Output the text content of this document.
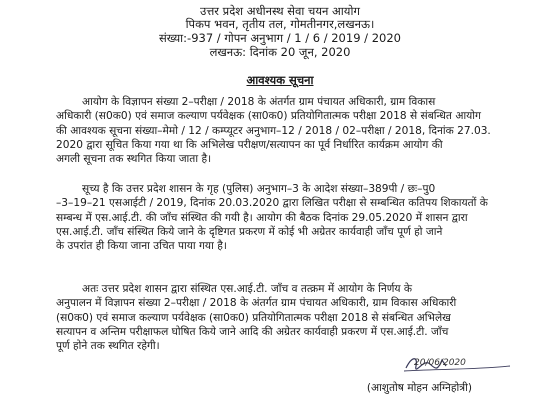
उत्तर प्रदेश अधीनस्थ सेवा चयन आयोग
पिकप भवन, तृतीय तल, गोमतीनगर,लखनऊ।
संख्या:-937 / गोपन अनुभाग / 1 / 6 / 2019 / 2020
लखनऊ: दिनांक 20 जून, 2020
आवश्यक सूचना
आयोग के विज्ञापन संख्या 2–परीक्षा / 2018 के अंतर्गत ग्राम पंचायत अधिकारी, ग्राम विकास
अधिकारी (स0क0) एवं समाज कल्याण पर्यवेक्षक (सा0क0) प्रतियोगितात्मक परीक्षा 2018 से संबन्धित आयोग
की आवश्यक सूचना संख्या–मेमो / 12 / कम्प्यूटर अनुभाग–12 / 2018 / 02–परीक्षा / 2018, दिनांक 27.03.
2020 द्वारा सूचित किया गया था कि अभिलेख परीक्षण/सत्यापन का पूर्व निर्धारित कार्यक्रम आयोग की
अगली सूचना तक स्थगित किया जाता है।
सूच्य है कि उत्तर प्रदेश शासन के गृह (पुलिस) अनुभाग–3 के आदेश संख्या–389पी / छः–पु0
–3–19–21 एसआईटी / 2019, दिनांक 20.03.2020 द्वारा लिखित परीक्षा से सम्बन्धित कतिपय शिकायतों के
सम्बन्ध में एस.आई.टी. की जाँच संस्थित की गयी है। आयोग की बैठक दिनांक 29.05.2020 में शासन द्वारा
एस.आई.टी. जाँच संस्थित किये जाने के दृष्टिगत प्रकरण में कोई भी अग्रेतर कार्यवाही जाँच पूर्ण हो जाने
के उपरांत ही किया जाना उचित पाया गया है।
अतः उत्तर प्रदेश शासन द्वारा संस्थित एस.आई.टी. जाँच व तत्क्रम में आयोग के निर्णय के
अनुपालन में विज्ञापन संख्या 2–परीक्षा / 2018 के अंतर्गत ग्राम पंचायत अधिकारी, ग्राम विकास अधिकारी
(स0क0) एवं समाज कल्याण पर्यवेक्षक (सा0क0) प्रतियोगितात्मक परीक्षा 2018 से संबन्धित अभिलेख
सत्यापन व अन्तिम परीक्षाफल घोषित किये जाने आदि की अग्रेतर कार्यवाही प्रकरण में एस.आई.टी. जाँच
पूर्ण होने तक स्थगित रहेगी।
20/06/2020
(आशुतोष मोहन अग्निहोत्री)
